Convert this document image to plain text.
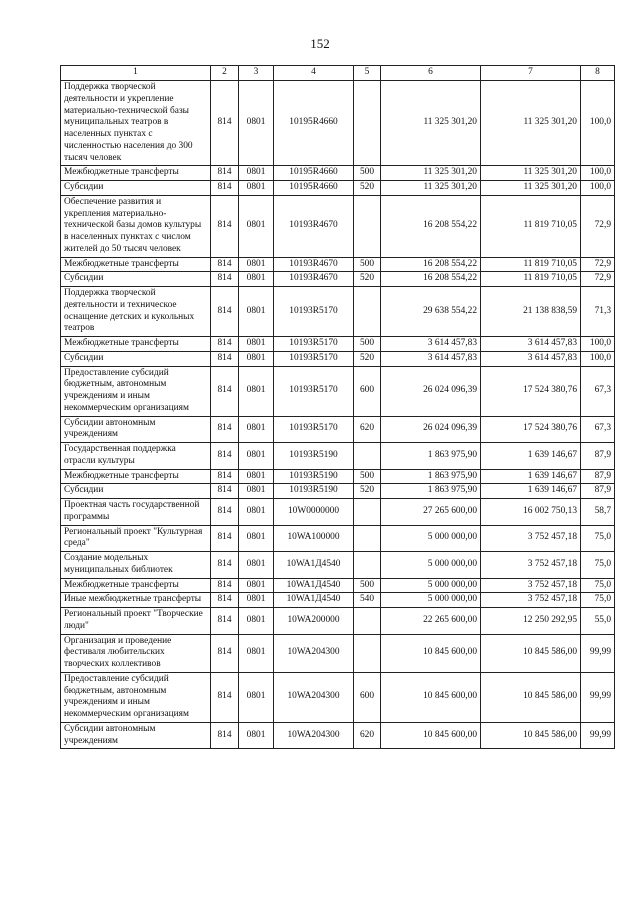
152
1	2	3	4	5	6	7	8
Поддержка творческой деятельности и укрепление материально-технической базы муниципальных театров в населенных пунктах с численностью населения до 300 тысяч человек	814	0801	10195R4660		11 325 301,20	11 325 301,20	100,0
Межбюджетные трансферты	814	0801	10195R4660	500	11 325 301,20	11 325 301,20	100,0
Субсидии	814	0801	10195R4660	520	11 325 301,20	11 325 301,20	100,0
Обеспечение развития и укрепления материально-технической базы домов культуры в населенных пунктах с числом жителей до 50 тысяч человек	814	0801	10193R4670		16 208 554,22	11 819 710,05	72,9
Межбюджетные трансферты	814	0801	10193R4670	500	16 208 554,22	11 819 710,05	72,9
Субсидии	814	0801	10193R4670	520	16 208 554,22	11 819 710,05	72,9
Поддержка творческой деятельности и техническое оснащение детских и кукольных театров	814	0801	10193R5170		29 638 554,22	21 138 838,59	71,3
Межбюджетные трансферты	814	0801	10193R5170	500	3 614 457,83	3 614 457,83	100,0
Субсидии	814	0801	10193R5170	520	3 614 457,83	3 614 457,83	100,0
Предоставление субсидий бюджетным, автономным учреждениям и иным некоммерческим организациям	814	0801	10193R5170	600	26 024 096,39	17 524 380,76	67,3
Субсидии автономным учреждениям	814	0801	10193R5170	620	26 024 096,39	17 524 380,76	67,3
Государственная поддержка отрасли культуры	814	0801	10193R5190		1 863 975,90	1 639 146,67	87,9
Межбюджетные трансферты	814	0801	10193R5190	500	1 863 975,90	1 639 146,67	87,9
Субсидии	814	0801	10193R5190	520	1 863 975,90	1 639 146,67	87,9
Проектная часть государственной программы	814	0801	10W0000000		27 265 600,00	16 002 750,13	58,7
Региональный проект "Культурная среда"	814	0801	10WA100000		5 000 000,00	3 752 457,18	75,0
Создание модельных муниципальных библиотек	814	0801	10WA1Д4540		5 000 000,00	3 752 457,18	75,0
Межбюджетные трансферты	814	0801	10WA1Д4540	500	5 000 000,00	3 752 457,18	75,0
Иные межбюджетные трансферты	814	0801	10WA1Д4540	540	5 000 000,00	3 752 457,18	75,0
Региональный проект "Творческие люди"	814	0801	10WA200000		22 265 600,00	12 250 292,95	55,0
Организация и проведение фестиваля любительских творческих коллективов	814	0801	10WA204300		10 845 600,00	10 845 586,00	99,99
Предоставление субсидий бюджетным, автономным учреждениям и иным некоммерческим организациям	814	0801	10WA204300	600	10 845 600,00	10 845 586,00	99,99
Субсидии автономным учреждениям	814	0801	10WA204300	620	10 845 600,00	10 845 586,00	99,99
